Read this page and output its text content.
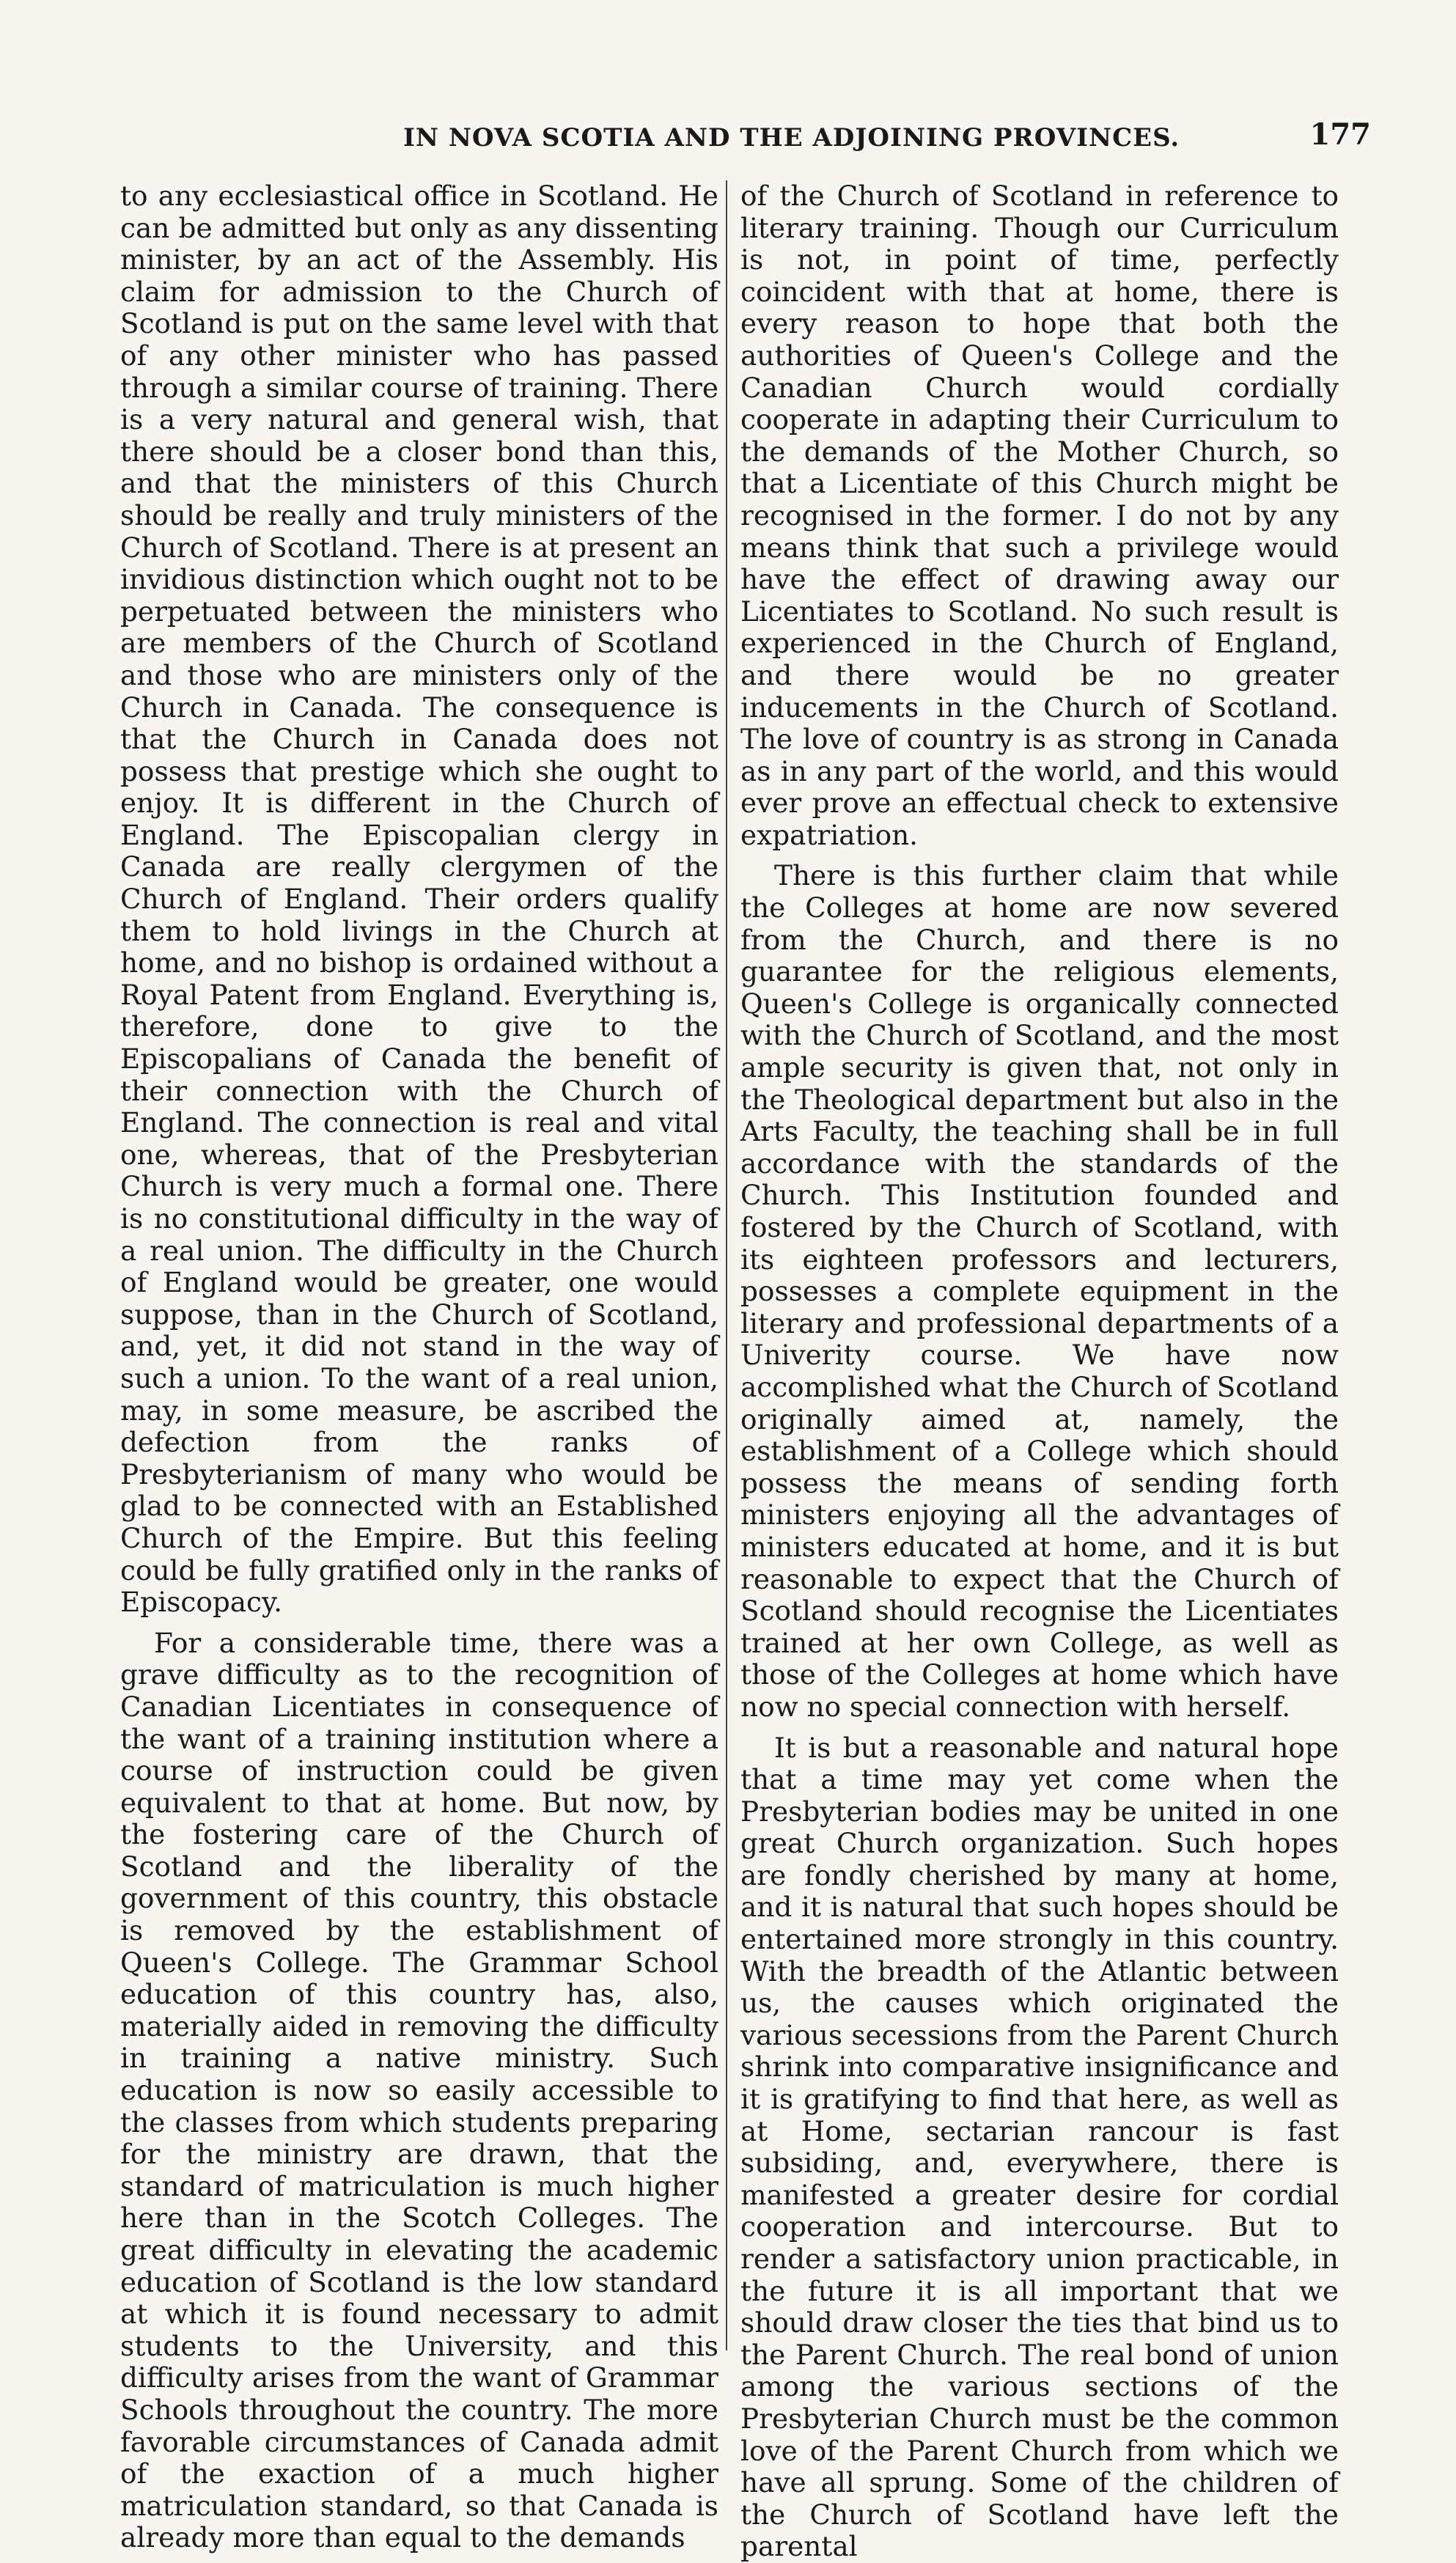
IN NOVA SCOTIA AND THE ADJOINING PROVINCES.	177

to any ecclesiastical office in Scotland. He can be admitted but only as any dissenting minister, by an act of the Assembly. His claim for admission to the Church of Scotland is put on the same level with that of any other minister who has passed through a similar course of training. There is a very natural and general wish, that there should be a closer bond than this, and that the ministers of this Church should be really and truly ministers of the Church of Scotland. There is at present an invidious distinction which ought not to be perpetuated between the ministers who are members of the Church of Scotland and those who are ministers only of the Church in Canada. The consequence is that the Church in Canada does not possess that prestige which she ought to enjoy. It is different in the Church of England. The Episcopalian clergy in Canada are really clergymen of the Church of England. Their orders qualify them to hold livings in the Church at home, and no bishop is ordained without a Royal Patent from England. Everything is, therefore, done to give to the Episcopalians of Canada the benefit of their connection with the Church of England. The connection is real and vital one, whereas, that of the Presbyterian Church is very much a formal one. There is no constitutional difficulty in the way of a real union. The difficulty in the Church of England would be greater, one would suppose, than in the Church of Scotland, and, yet, it did not stand in the way of such a union. To the want of a real union, may, in some measure, be ascribed the defection from the ranks of Presbyterianism of many who would be glad to be connected with an Established Church of the Empire. But this feeling could be fully gratified only in the ranks of Episcopacy.

For a considerable time, there was a grave difficulty as to the recognition of Canadian Licentiates in consequence of the want of a training institution where a course of instruction could be given equivalent to that at home. But now, by the fostering care of the Church of Scotland and the liberality of the government of this country, this obstacle is removed by the establishment of Queen's College. The Grammar School education of this country has, also, materially aided in removing the difficulty in training a native ministry. Such education is now so easily accessible to the classes from which students preparing for the ministry are drawn, that the standard of matriculation is much higher here than in the Scotch Colleges. The great difficulty in elevating the academic education of Scotland is the low standard at which it is found necessary to admit students to the University, and this difficulty arises from the want of Grammar Schools throughout the country. The more favorable circumstances of Canada admit of the exaction of a much higher matriculation standard, so that Canada is already more than equal to the demands

of the Church of Scotland in reference to literary training. Though our Curriculum is not, in point of time, perfectly coincident with that at home, there is every reason to hope that both the authorities of Queen's College and the Canadian Church would cordially cooperate in adapting their Curriculum to the demands of the Mother Church, so that a Licentiate of this Church might be recognised in the former. I do not by any means think that such a privilege would have the effect of drawing away our Licentiates to Scotland. No such result is experienced in the Church of England, and there would be no greater inducements in the Church of Scotland. The love of country is as strong in Canada as in any part of the world, and this would ever prove an effectual check to extensive expatriation.

There is this further claim that while the Colleges at home are now severed from the Church, and there is no guarantee for the religious elements, Queen's College is organically connected with the Church of Scotland, and the most ample security is given that, not only in the Theological department but also in the Arts Faculty, the teaching shall be in full accordance with the standards of the Church. This Institution founded and fostered by the Church of Scotland, with its eighteen professors and lecturers, possesses a complete equipment in the literary and professional departments of a Univerity course. We have now accomplished what the Church of Scotland originally aimed at, namely, the establishment of a College which should possess the means of sending forth ministers enjoying all the advantages of ministers educated at home, and it is but reasonable to expect that the Church of Scotland should recognise the Licentiates trained at her own College, as well as those of the Colleges at home which have now no special connection with herself.

It is but a reasonable and natural hope that a time may yet come when the Presbyterian bodies may be united in one great Church organization. Such hopes are fondly cherished by many at home, and it is natural that such hopes should be entertained more strongly in this country. With the breadth of the Atlantic between us, the causes which originated the various secessions from the Parent Church shrink into comparative insignificance and it is gratifying to find that here, as well as at Home, sectarian rancour is fast subsiding, and, everywhere, there is manifested a greater desire for cordial cooperation and intercourse. But to render a satisfactory union practicable, in the future it is all important that we should draw closer the ties that bind us to the Parent Church. The real bond of union among the various sections of the Presbyterian Church must be the common love of the Parent Church from which we have all sprung. Some of the children of the Church of Scotland have left the parental
